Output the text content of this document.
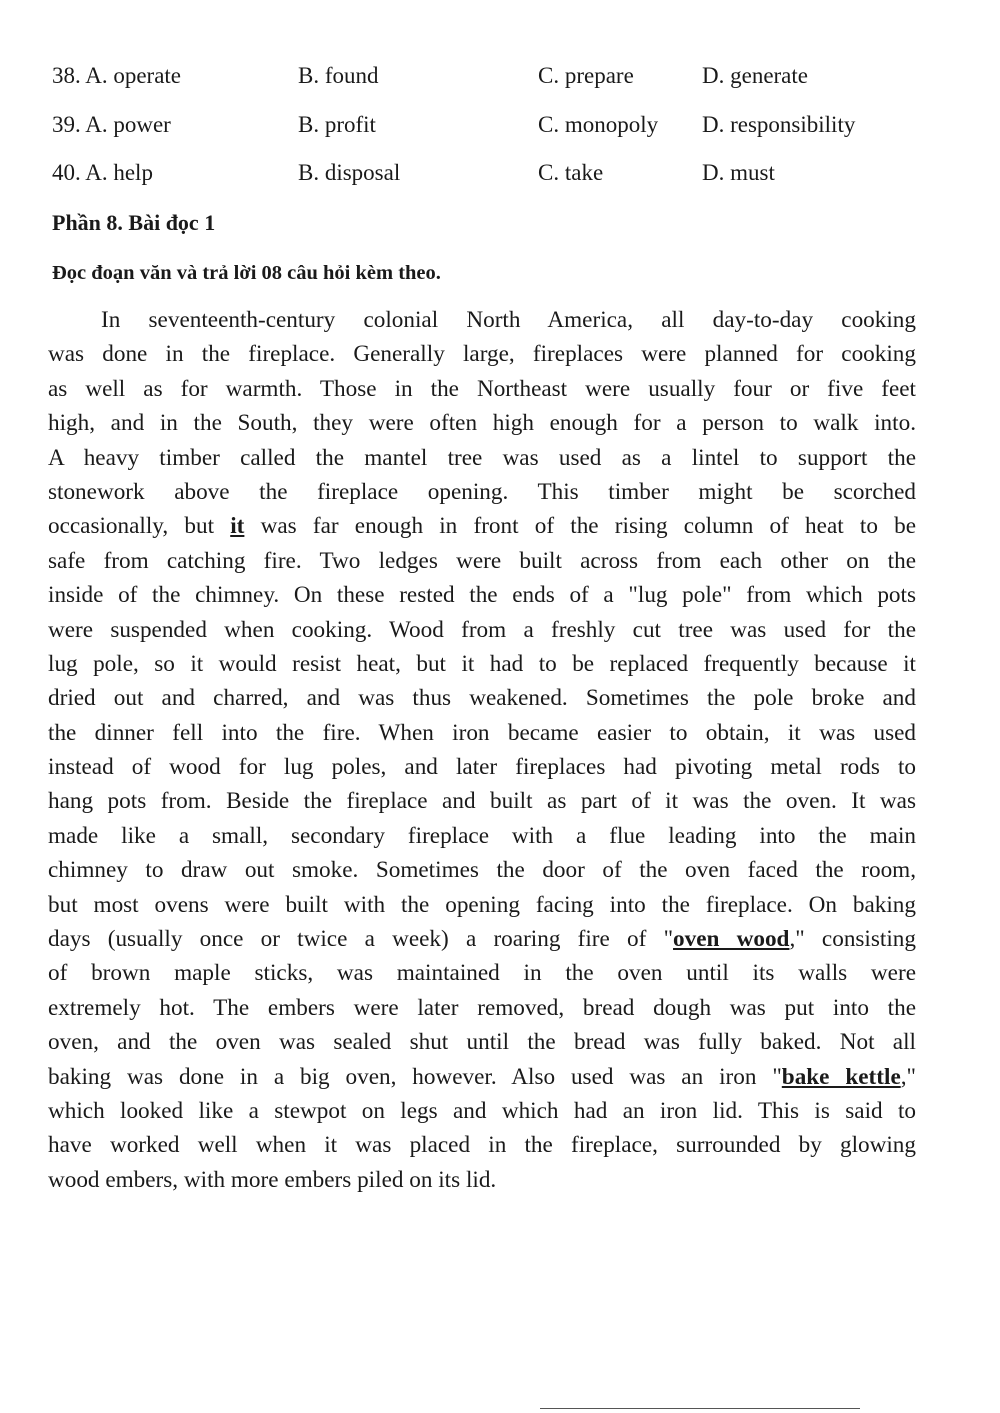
38. A. operate	B. found	C. prepare	D. generate
39. A. power	B. profit	C. monopoly D. responsibility
40. A. help	B. disposal	C. take	D. must
Phần 8. Bài đọc 1
Đọc đoạn văn và trả lời 08 câu hỏi kèm theo.
In seventeenth-century colonial North America, all day-to-day cooking
was done in the fireplace. Generally large, fireplaces were planned for cooking
as well as for warmth. Those in the Northeast were usually four or five feet
high, and in the South, they were often high enough for a person to walk into.
A heavy timber called the mantel tree was used as a lintel to support the
stonework above the fireplace opening. This timber might be scorched
occasionally, but it was far enough in front of the rising column of heat to be
safe from catching fire. Two ledges were built across from each other on the
inside of the chimney. On these rested the ends of a "lug pole" from which pots
were suspended when cooking. Wood from a freshly cut tree was used for the
lug pole, so it would resist heat, but it had to be replaced frequently because it
dried out and charred, and was thus weakened. Sometimes the pole broke and
the dinner fell into the fire. When iron became easier to obtain, it was used
instead of wood for lug poles, and later fireplaces had pivoting metal rods to
hang pots from. Beside the fireplace and built as part of it was the oven. It was
made like a small, secondary fireplace with a flue leading into the main
chimney to draw out smoke. Sometimes the door of the oven faced the room,
but most ovens were built with the opening facing into the fireplace. On baking
days (usually once or twice a week) a roaring fire of "oven wood," consisting
of brown maple sticks, was maintained in the oven until its walls were
extremely hot. The embers were later removed, bread dough was put into the
oven, and the oven was sealed shut until the bread was fully baked. Not all
baking was done in a big oven, however. Also used was an iron "bake kettle,"
which looked like a stewpot on legs and which had an iron lid. This is said to
have worked well when it was placed in the fireplace, surrounded by glowing
wood embers, with more embers piled on its lid.
